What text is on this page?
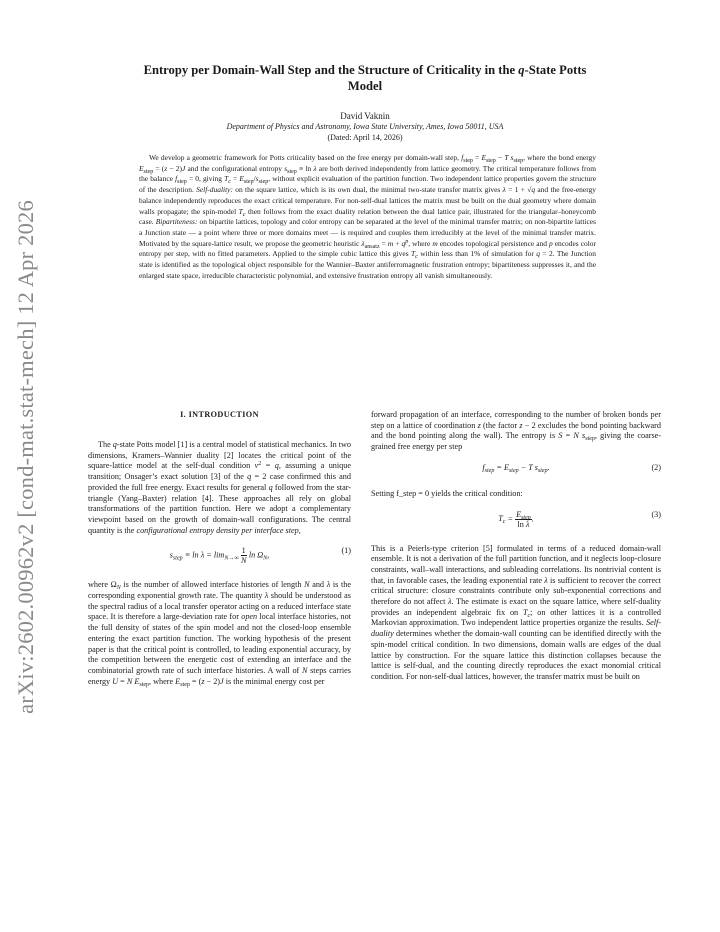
arXiv:2602.00962v2 [cond-mat.stat-mech] 12 Apr 2026
Entropy per Domain-Wall Step and the Structure of Criticality in the q-State Potts
Model
David Vaknin
Department of Physics and Astronomy, Iowa State University, Ames, Iowa 50011, USA
(Dated: April 14, 2026)
We develop a geometric framework for Potts criticality based on the free energy per domain-wall step, $f_{step} = E_{step} - T$ $s_{step}$, where the bond energy $E_{step} = (z - 2)J$ and the configurational entropy $s_{step} \equiv \ln \lambda$ are both derived independently from lattice geometry. The critical temperature follows from the balance $f_{step} = 0$, giving $T_c = E_{step}/s_{step}$, without explicit evaluation of the partition function. Two independent lattice properties govern the structure of the description. Self-duality: on the square lattice, which is its own dual, the minimal two-state transfer matrix gives λ = 1 + √q and the free-energy balance independently reproduces the exact critical temperature. For non-self-dual lattices the matrix must be built on the dual geometry where domain walls propagate; the spin-model $T_c$ then follows from the exact duality relation between the dual lattice pair, illustrated for the triangular–honeycomb case. Bipartiteness: on bipartite lattices, topology and color entropy can be separated at the level of the minimal transfer matrix; on non-bipartite lattices a Junction state — a point where three or more domains meet — is required and couples them irreducibly at the level of the minimal transfer matrix. Motivated by the square-lattice result, we propose the geometric heuristic $\lambda_{ansatz} = m + q^p$, where m encodes topological persistence and p encodes color entropy per step, with no fitted parameters. Applied to the simple cubic lattice this gives $T_c$ within less than 1% of simulation for q = 2. The Junction state is identified as the topological object responsible for the Wannier–Baxter antiferromagnetic frustration entropy; bipartiteness suppresses it, and the enlarged state space, irreducible characteristic polynomial, and extensive frustration entropy all vanish simultaneously.
I. INTRODUCTION

The q-state Potts model [1] is a central model of statistical mechanics. In two dimensions, Kramers–Wannier duality [2] locates the critical point of the square-lattice model at the self-dual condition $v^2 = q$, assuming a unique transition; Onsager’s exact solution [3] of the q = 2 case confirmed this and provided the full free energy. Exact results for general q followed from the star-triangle (Yang–Baxter) relation [4]. These approaches all rely on global transformations of the partition function. Here we adopt a complementary viewpoint based on the growth of domain-wall configurations. The central quantity is the configurational entropy density per interface step,

$s_{step} \equiv \ln \lambda = \lim_{N\to\infty} \frac{1}{N}$ $\ln \Omega_N$,	(1)

where $\Omega_N$ is the number of allowed interface histories of length N and λ is the corresponding exponential growth rate. The quantity λ should be understood as the spectral radius of a local transfer operator acting on a reduced interface state space. It is therefore a large-deviation rate for open local interface histories, not the full density of states of the spin model and not the closed-loop ensemble entering the exact partition function. The working hypothesis of the present paper is that the critical point is controlled, to leading exponential accuracy, by the competition between the energetic cost of extending an interface and the combinatorial growth rate of such interface histories. A wall of N steps carries energy U = N $E_{step}$, where $E_{step} = (z - 2)J$ is the minimal energy cost per

forward propagation of an interface, corresponding to the number of broken bonds per step on a lattice of coordination z (the factor z − 2 excludes the bond pointing backward and the bond pointing along the wall). The entropy is S = N $s_{step}$, giving the coarse-grained free energy per step

$f_{step} = E_{step} - T$ $s_{step}$.	(2)

Setting f_step = 0 yields the critical condition:

$T_c = E_{step}$
ln λ
.	(3)

This is a Peierls-type criterion [5] formulated in terms of a reduced domain-wall ensemble. It is not a derivation of the full partition function, and it neglects loop-closure constraints, wall–wall interactions, and subleading correlations. Its nontrivial content is that, in favorable cases, the leading exponential rate λ is sufficient to recover the correct critical structure: closure constraints contribute only sub-exponential corrections and therefore do not affect λ. The estimate is exact on the square lattice, where self-duality provides an independent algebraic fix on $T_c$; on other lattices it is a controlled Markovian approximation. Two independent lattice properties organize the results. Self-duality determines whether the domain-wall counting can be identified directly with the spin-model critical condition. In two dimensions, domain walls are edges of the dual lattice by construction. For the square lattice this distinction collapses because the lattice is self-dual, and the counting directly reproduces the exact monomial critical condition. For non-self-dual lattices, however, the transfer matrix must be built on
